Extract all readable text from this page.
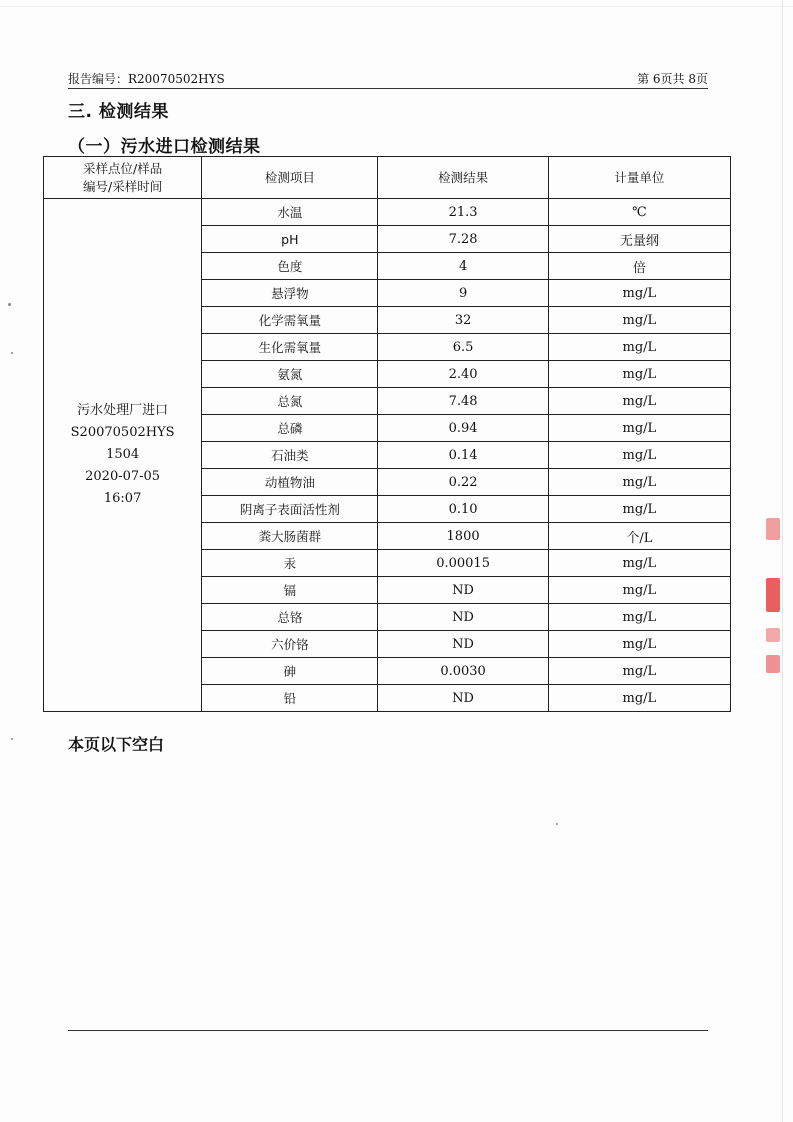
报告编号：R20070502HYS	第 6页共 8页
三. 检测结果
（一）污水进口检测结果
采样点位/样品
编号/采样时间	检测项目	检测结果	计量单位

污水处理厂进口
S20070502HYS
1504
2020-07-05
16:07	水温	21.3	℃
	pH	7.28	无量纲
	色度	4	倍
	悬浮物	9	mg/L
	化学需氧量	32	mg/L
	生化需氧量	6.5	mg/L
	氨氮	2.40	mg/L
	总氮	7.48	mg/L
	总磷	0.94	mg/L
	石油类	0.14	mg/L
	动植物油	0.22	mg/L
	阴离子表面活性剂	0.10	mg/L
	粪大肠菌群	1800	个/L
	汞	0.00015	mg/L
	镉	ND	mg/L
	总铬	ND	mg/L
	六价铬	ND	mg/L
	砷	0.0030	mg/L
	铅	ND	mg/L
本页以下空白
